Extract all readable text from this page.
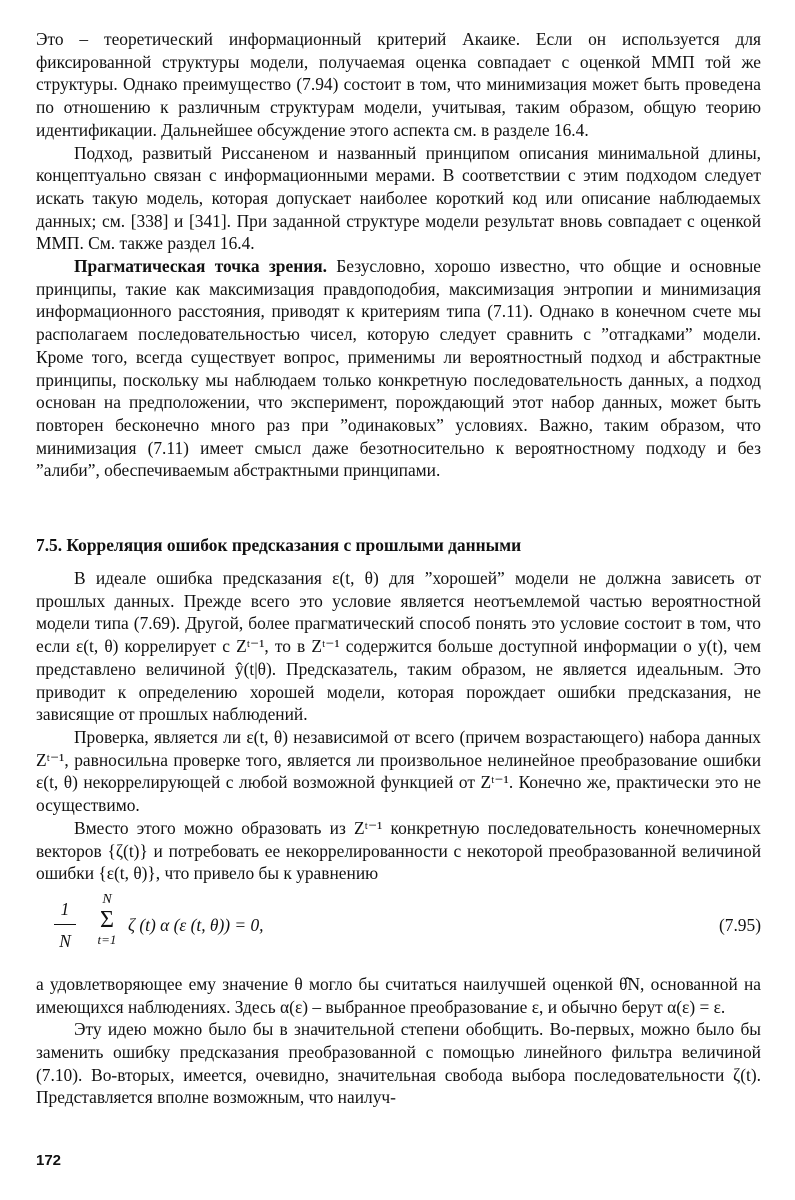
Это – теоретический информационный критерий Акаике. Если он используется для фиксированной структуры модели, получаемая оценка совпадает с оценкой ММП той же структуры. Однако преимущество (7.94) состоит в том, что минимизация может быть проведена по отношению к различным структурам модели, учитывая, таким образом, общую теорию идентификации. Дальнейшее обсуждение этого аспекта см. в разделе 16.4.

Подход, развитый Риссаненом и названный принципом описания минимальной длины, концептуально связан с информационными мерами. В соответствии с этим подходом следует искать такую модель, которая допускает наиболее короткий код или описание наблюдаемых данных; см. [338] и [341]. При заданной структуре модели результат вновь совпадает с оценкой ММП. См. также раздел 16.4.

Прагматическая точка зрения. Безусловно, хорошо известно, что общие и основные принципы, такие как максимизация правдоподобия, максимизация энтропии и минимизация информационного расстояния, приводят к критериям типа (7.11). Однако в конечном счете мы располагаем последовательностью чисел, которую следует сравнить с ”отгадками” модели. Кроме того, всегда существует вопрос, применимы ли вероятностный подход и абстрактные принципы, поскольку мы наблюдаем только конкретную последовательность данных, а подход основан на предположении, что эксперимент, порождающий этот набор данных, может быть повторен бесконечно много раз при ”одинаковых” условиях. Важно, таким образом, что минимизация (7.11) имеет смысл даже безотносительно к вероятностному подходу и без ”алиби”, обеспечиваемым абстрактными принципами.

7.5. Корреляция ошибок предсказания с прошлыми данными

В идеале ошибка предсказания ε(t, θ) для ”хорошей” модели не должна зависеть от прошлых данных. Прежде всего это условие является неотъемлемой частью вероятностной модели типа (7.69). Другой, более прагматический способ понять это условие состоит в том, что если ε(t, θ) коррелирует с Zᵗ⁻¹, то в Zᵗ⁻¹ содержится больше доступной информации о y(t), чем представлено величиной ŷ(t|θ). Предсказатель, таким образом, не является идеальным. Это приводит к определению хорошей модели, которая порождает ошибки предсказания, не зависящие от прошлых наблюдений.

Проверка, является ли ε(t, θ) независимой от всего (причем возрастающего) набора данных Zᵗ⁻¹, равносильна проверке того, является ли произвольное нелинейное преобразование ошибки ε(t, θ) некоррелирующей с любой возможной функцией от Zᵗ⁻¹. Конечно же, практически это не осуществимо.

Вместо этого можно образовать из Zᵗ⁻¹ конкретную последовательность конечномерных векторов {ζ(t)} и потребовать ее некоррелированности с некоторой преобразованной величиной ошибки {ε(t, θ)}, что привело бы к уравнению

1
N
N
Σ
t=1
ζ (t) α (ε (t, θ)) = 0,	(7.95)

а удовлетворяющее ему значение θ могло бы считаться наилучшей оценкой θ̂N, основанной на имеющихся наблюдениях. Здесь α(ε) – выбранное преобразование ε, и обычно берут α(ε) = ε.

Эту идею можно было бы в значительной степени обобщить. Во-первых, можно было бы заменить ошибку предсказания преобразованной с помощью линейного фильтра величиной (7.10). Во-вторых, имеется, очевидно, значительная свобода выбора последовательности ζ(t). Представляется вполне возможным, что наилуч-

172
